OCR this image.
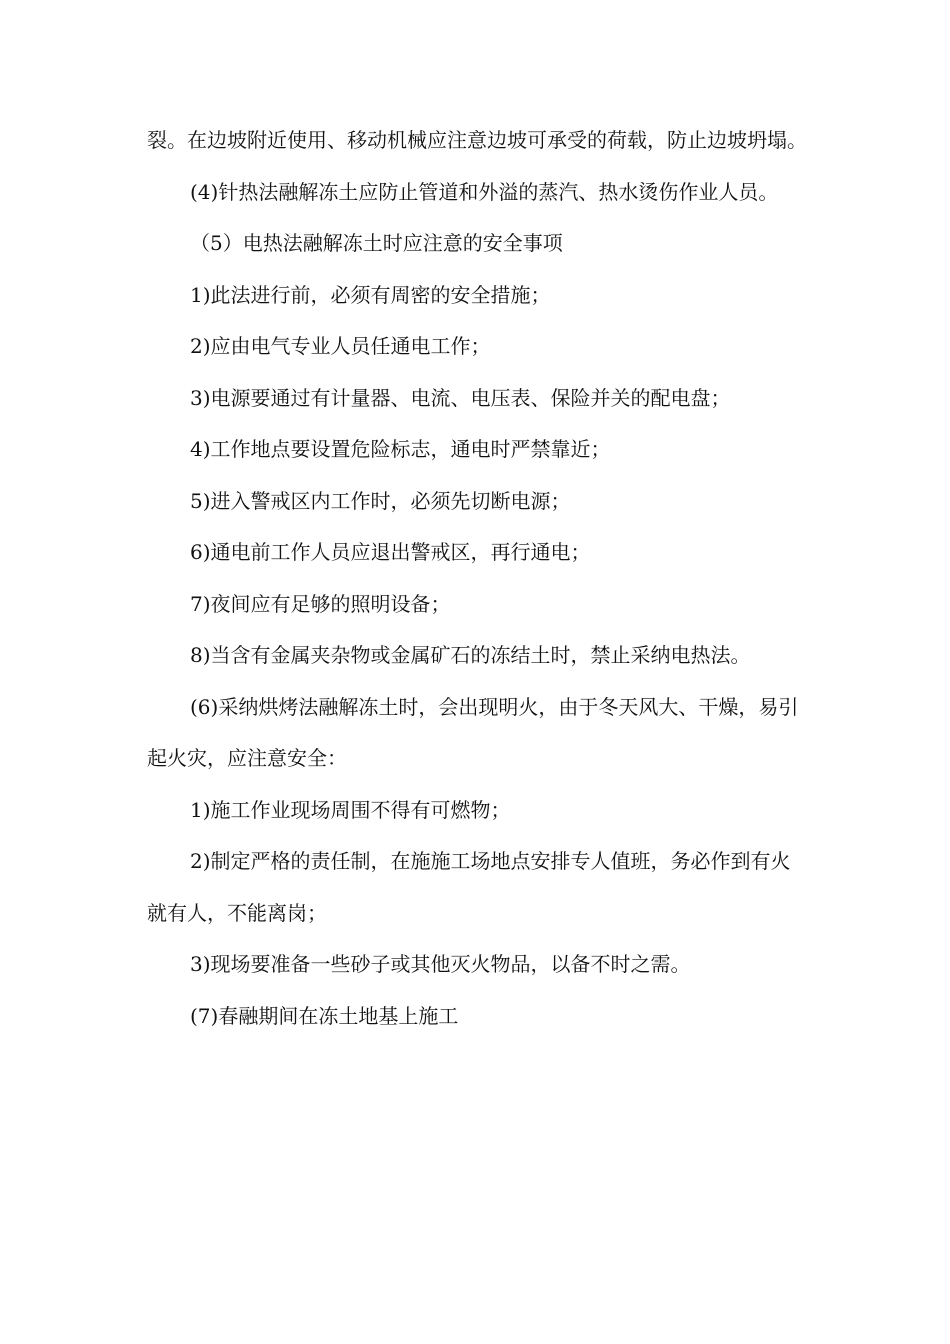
裂。在边坡附近使用、移动机械应注意边坡可承受的荷载，防止边坡坍塌。

(4)针热法融解冻土应防止管道和外溢的蒸汽、热水烫伤作业人员。

（5）电热法融解冻土时应注意的安全事项

1)此法进行前，必须有周密的安全措施；

2)应由电气专业人员任通电工作；

3)电源要通过有计量器、电流、电压表、保险并关的配电盘；

4)工作地点要设置危险标志，通电时严禁靠近；

5)进入警戒区内工作时，必须先切断电源；

6)通电前工作人员应退出警戒区，再行通电；

7)夜间应有足够的照明设备；

8)当含有金属夹杂物或金属矿石的冻结土时，禁止采纳电热法。

(6)采纳烘烤法融解冻土时，会出现明火，由于冬天风大、干燥，易引起火灾，应注意安全：

1)施工作业现场周围不得有可燃物；

2)制定严格的责任制，在施施工场地点安排专人值班，务必作到有火就有人，不能离岗；

3)现场要准备一些砂子或其他灭火物品，以备不时之需。

(7)春融期间在冻土地基上施工
